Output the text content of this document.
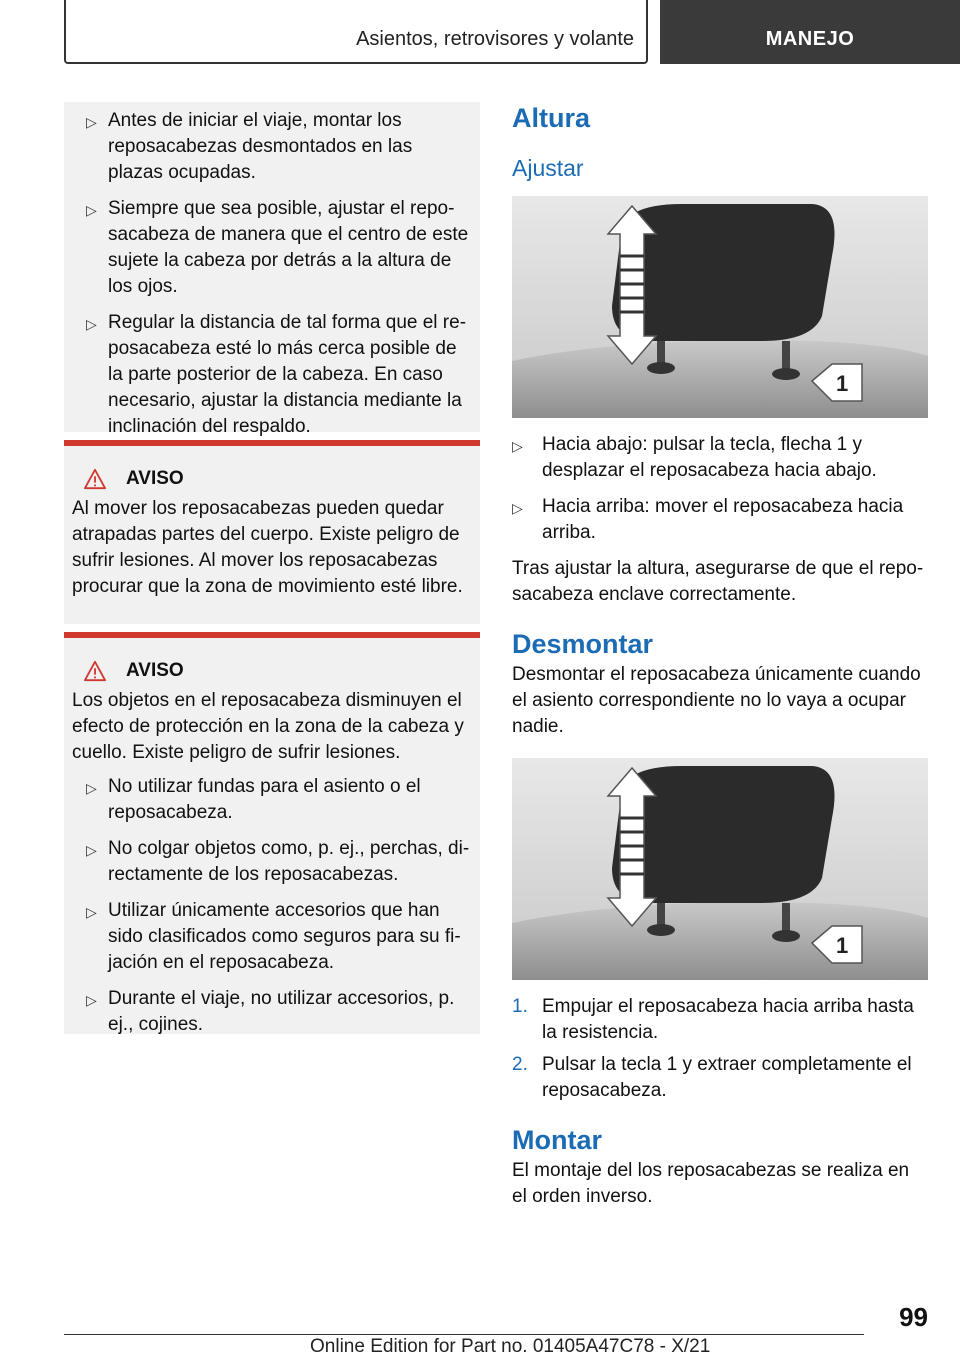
Asientos, retrovisores y volante	MANEJO
▷ Antes de iniciar el viaje, montar los reposacabezas desmontados en las plazas ocupadas.
▷ Siempre que sea posible, ajustar el reposacabeza de manera que el centro de este sujete la cabeza por detrás a la altura de los ojos.
▷ Regular la distancia de tal forma que el reposacabeza esté lo más cerca posible de la parte posterior de la cabeza. En caso necesario, ajustar la distancia mediante la inclinación del respaldo.
AVISO
Al mover los reposacabezas pueden quedar atrapadas partes del cuerpo. Existe peligro de sufrir lesiones. Al mover los reposacabezas procurar que la zona de movimiento esté libre.
AVISO
Los objetos en el reposacabeza disminuyen el efecto de protección en la zona de la cabeza y cuello. Existe peligro de sufrir lesiones.
▷ No utilizar fundas para el asiento o el reposacabeza.
▷ No colgar objetos como, p. ej., perchas, directamente de los reposacabezas.
▷ Utilizar únicamente accesorios que han sido clasificados como seguros para su fijación en el reposacabeza.
▷ Durante el viaje, no utilizar accesorios, p. ej., cojines.
Altura
Ajustar
1
▷ Hacia abajo: pulsar la tecla, flecha 1 y desplazar el reposacabeza hacia abajo.
▷ Hacia arriba: mover el reposacabeza hacia arriba.
Tras ajustar la altura, asegurarse de que el reposacabeza enclave correctamente.
Desmontar
Desmontar el reposacabeza únicamente cuando el asiento correspondiente no lo vaya a ocupar nadie.
1
1. Empujar el reposacabeza hacia arriba hasta la resistencia.
2. Pulsar la tecla 1 y extraer completamente el reposacabeza.
Montar
El montaje del los reposacabezas se realiza en el orden inverso.
99
Online Edition for Part no. 01405A47C78 - X/21
